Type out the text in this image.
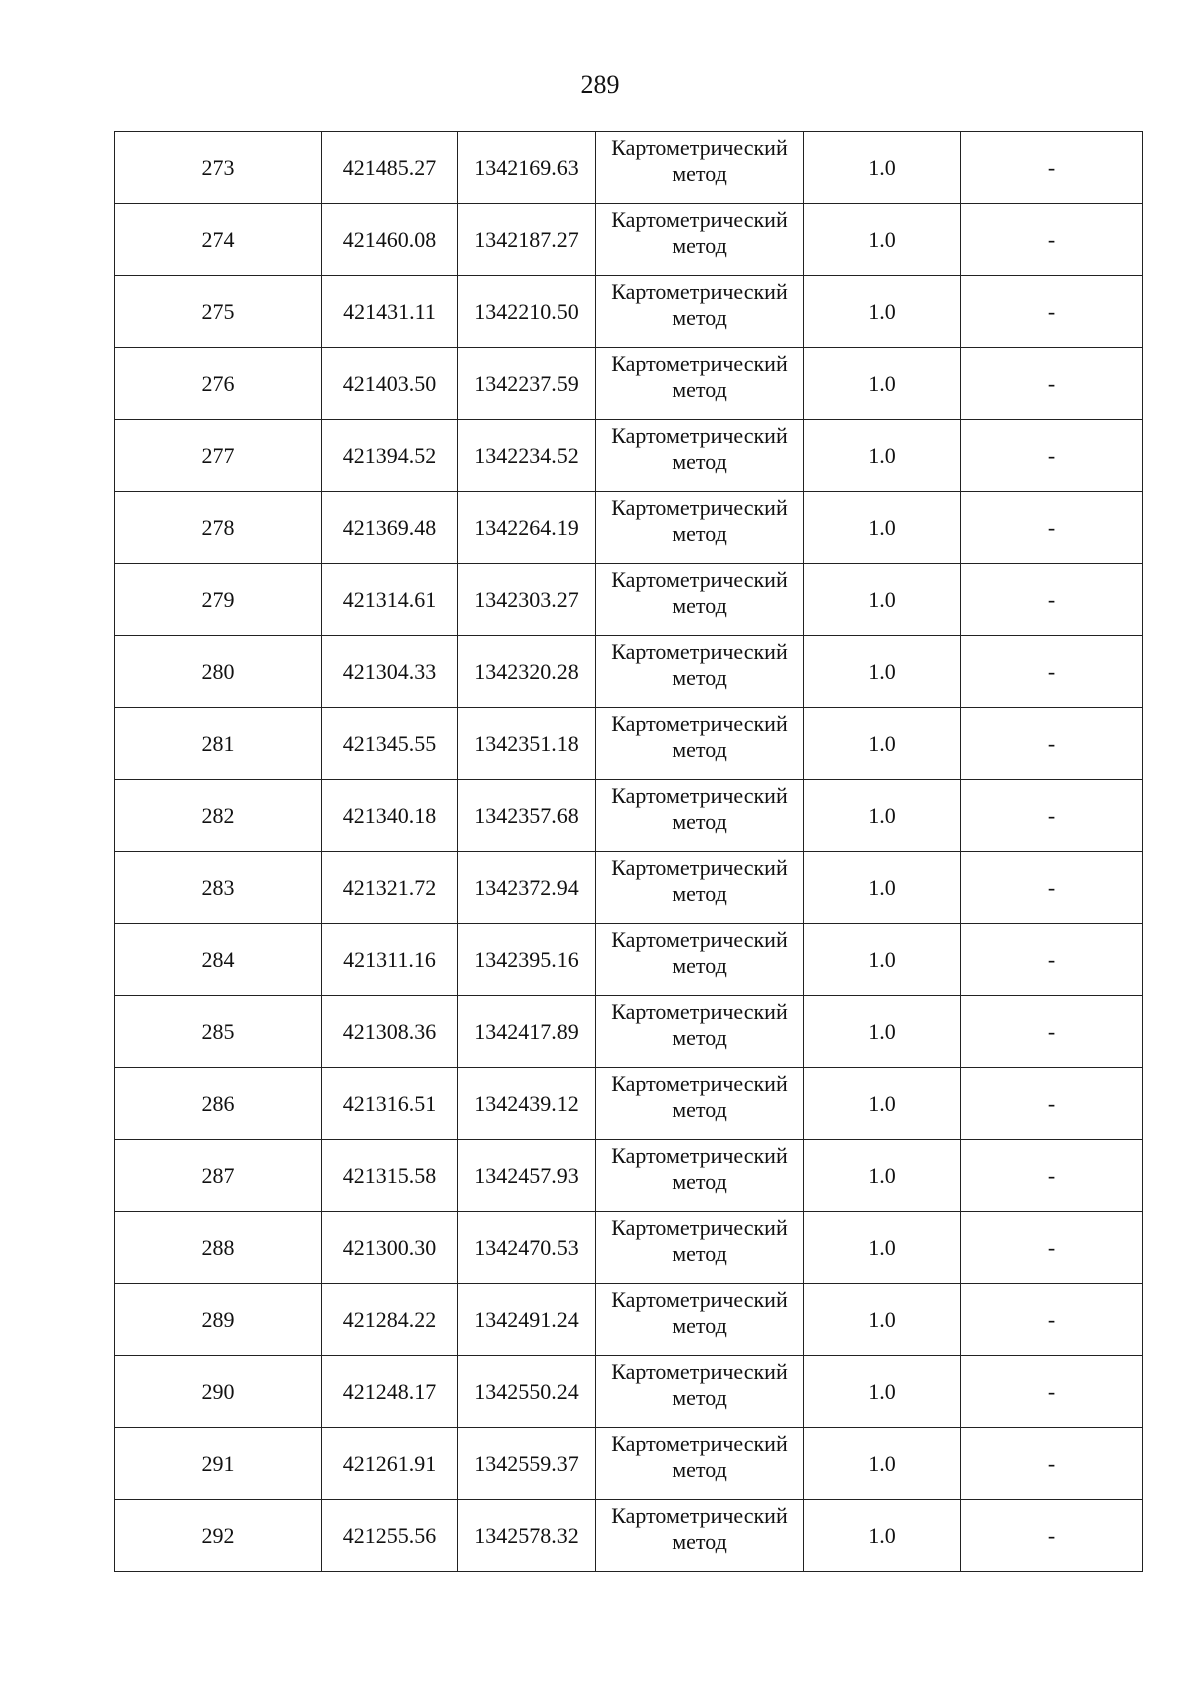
289
273	421485.27	1342169.63	Картометрический метод	1.0	-
274	421460.08	1342187.27	Картометрический метод	1.0	-
275	421431.11	1342210.50	Картометрический метод	1.0	-
276	421403.50	1342237.59	Картометрический метод	1.0	-
277	421394.52	1342234.52	Картометрический метод	1.0	-
278	421369.48	1342264.19	Картометрический метод	1.0	-
279	421314.61	1342303.27	Картометрический метод	1.0	-
280	421304.33	1342320.28	Картометрический метод	1.0	-
281	421345.55	1342351.18	Картометрический метод	1.0	-
282	421340.18	1342357.68	Картометрический метод	1.0	-
283	421321.72	1342372.94	Картометрический метод	1.0	-
284	421311.16	1342395.16	Картометрический метод	1.0	-
285	421308.36	1342417.89	Картометрический метод	1.0	-
286	421316.51	1342439.12	Картометрический метод	1.0	-
287	421315.58	1342457.93	Картометрический метод	1.0	-
288	421300.30	1342470.53	Картометрический метод	1.0	-
289	421284.22	1342491.24	Картометрический метод	1.0	-
290	421248.17	1342550.24	Картометрический метод	1.0	-
291	421261.91	1342559.37	Картометрический метод	1.0	-
292	421255.56	1342578.32	Картометрический метод	1.0	-
